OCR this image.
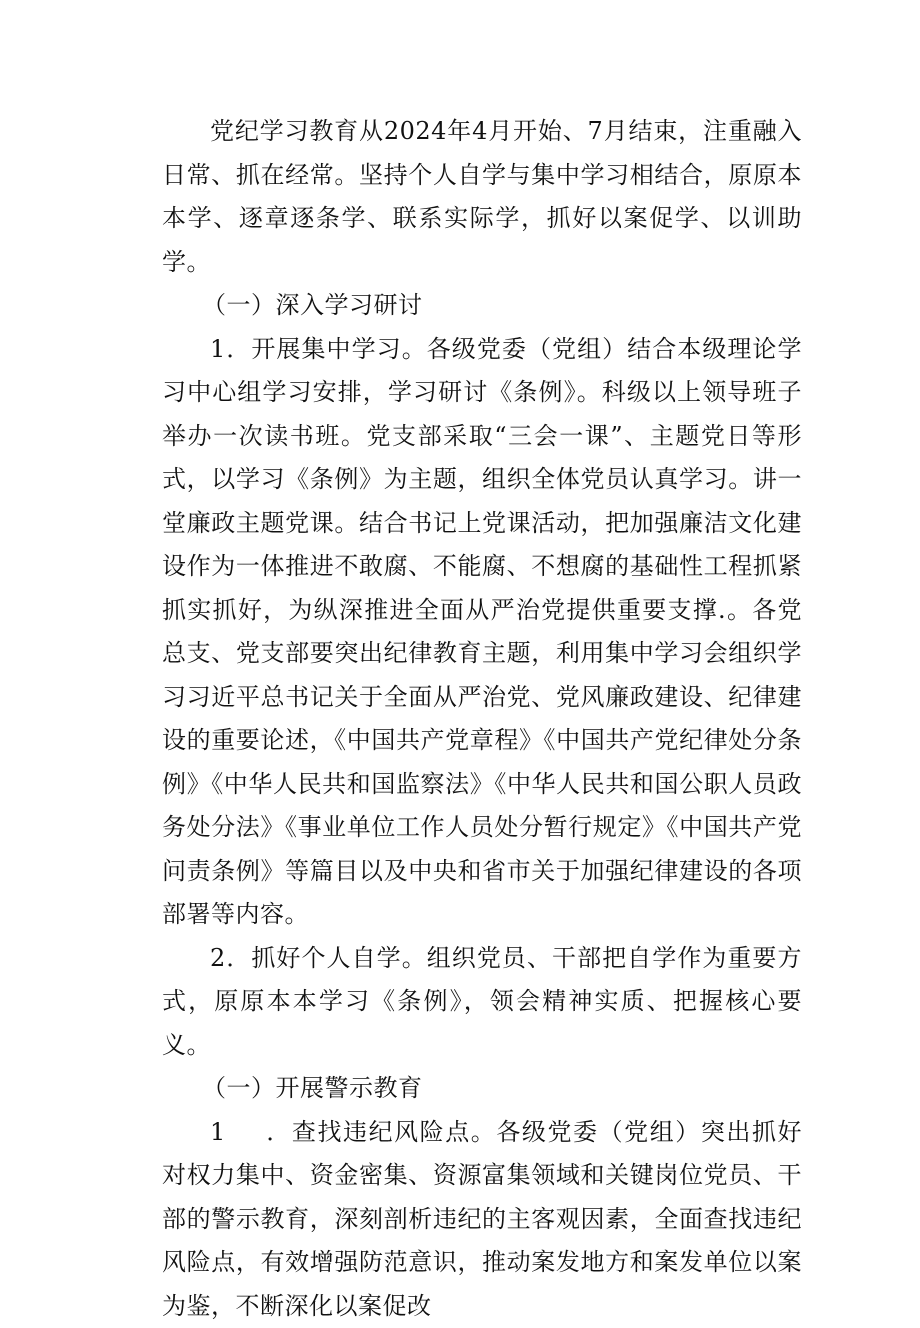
党纪学习教育从2024年4月开始、7月结束，注重融入日常、抓在经常。坚持个人自学与集中学习相结合，原原本本学、逐章逐条学、联系实际学，抓好以案促学、以训助学。

（一）深入学习研讨

1．开展集中学习。各级党委（党组）结合本级理论学习中心组学习安排，学习研讨《条例》。科级以上领导班子举办一次读书班。党支部采取“三会一课”、主题党日等形式，以学习《条例》为主题，组织全体党员认真学习。讲一堂廉政主题党课。结合书记上党课活动，把加强廉洁文化建设作为一体推进不敢腐、不能腐、不想腐的基础性工程抓紧抓实抓好，为纵深推进全面从严治党提供重要支撑.。各党总支、党支部要突出纪律教育主题，利用集中学习会组织学习习近平总书记关于全面从严治党、党风廉政建设、纪律建设的重要论述，《中国共产党章程》《中国共产党纪律处分条例》《中华人民共和国监察法》《中华人民共和国公职人员政务处分法》《事业单位工作人员处分暂行规定》《中国共产党问责条例》等篇目以及中央和省市关于加强纪律建设的各项部署等内容。

2．抓好个人自学。组织党员、干部把自学作为重要方式，原原本本学习《条例》，领会精神实质、把握核心要义。

（一）开展警示教育

1 ．查找违纪风险点。各级党委（党组）突出抓好对权力集中、资金密集、资源富集领域和关键岗位党员、干部的警示教育，深刻剖析违纪的主客观因素，全面查找违纪风险点，有效增强防范意识，推动案发地方和案发单位以案为鉴，不断深化以案促改
